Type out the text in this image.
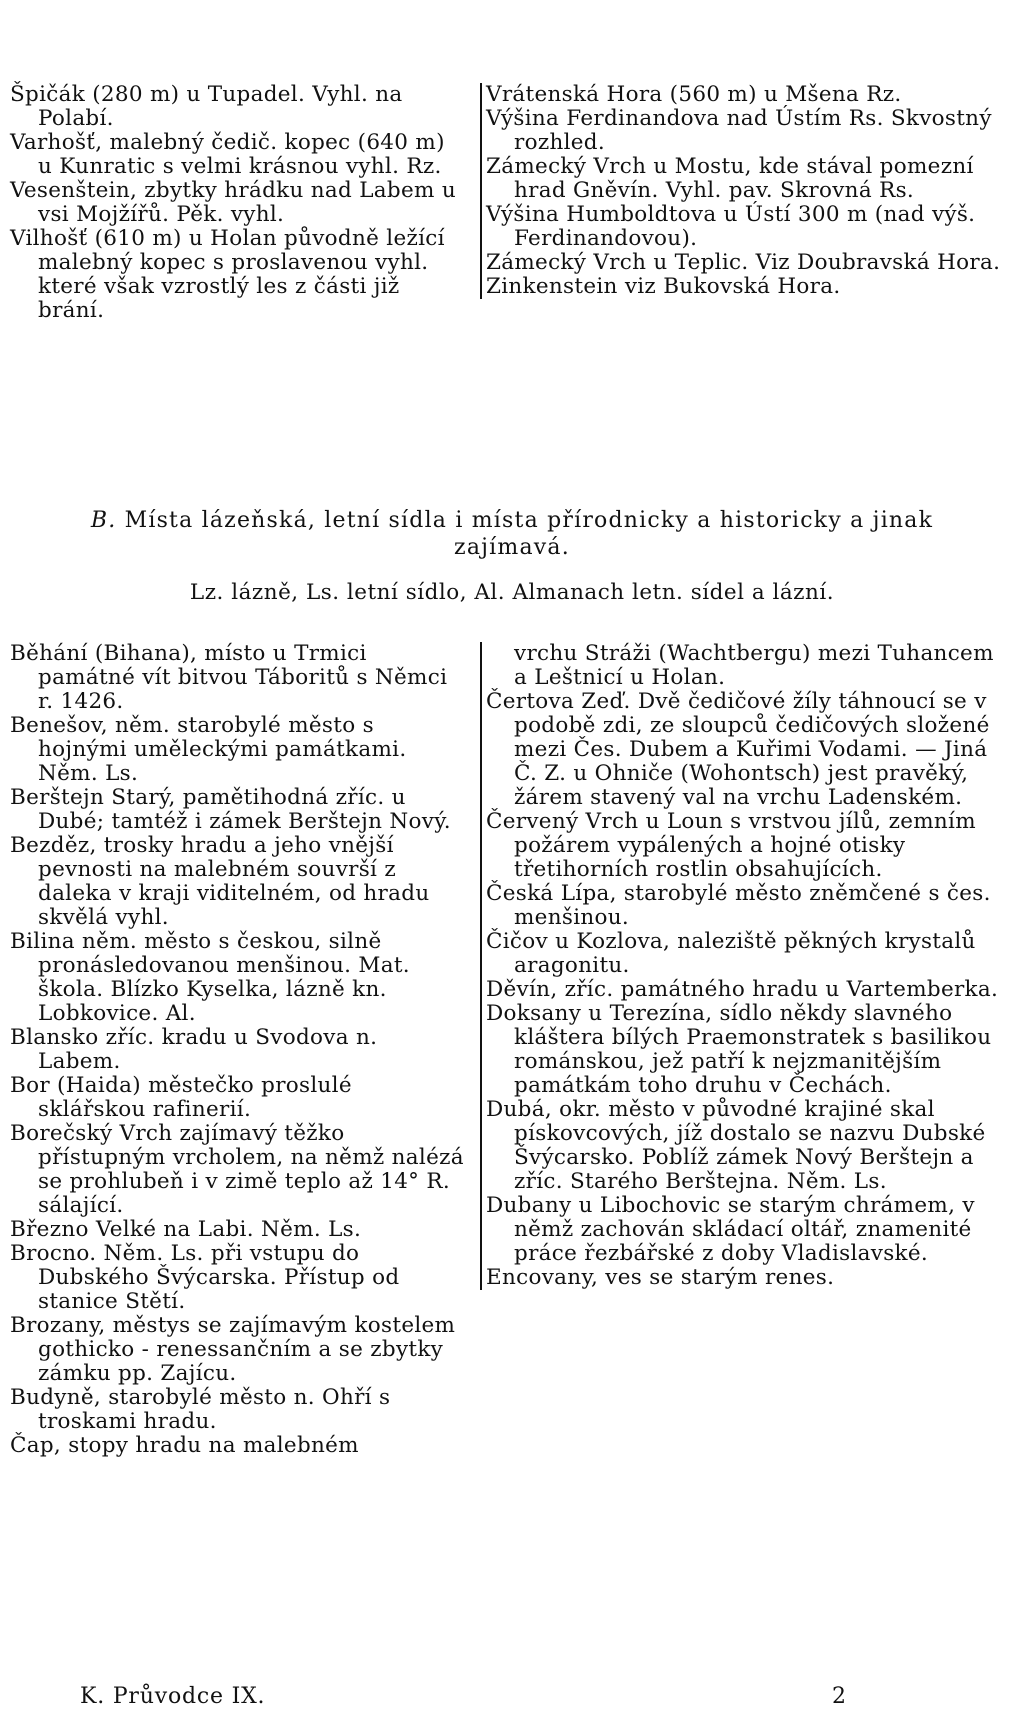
Špičák (280 m) u Tupadel. Vyhl. na Polabí.

Varhošť, malebný čedič. kopec (640 m) u Kunratic s velmi krásnou vyhl. Rz.

Vesenštein, zbytky hrádku nad Labem u vsi Mojžířů. Pěk. vyhl.

Vilhošť (610 m) u Holan původně ležící malebný kopec s proslavenou vyhl. které však vzrostlý les z části již brání.

Vrátenská Hora (560 m) u Mšena Rz.

Výšina Ferdinandova nad Ústím Rs. Skvostný rozhled.

Zámecký Vrch u Mostu, kde stával pomezní hrad Gněvín. Vyhl. pav. Skrovná Rs.

Výšina Humboldtova u Ústí 300 m (nad výš. Ferdinandovou).

Zámecký Vrch u Teplic. Viz Doubravská Hora.

Zinkenstein viz Bukovská Hora.

B. Místa lázeňská, letní sídla i místa přírodnicky a historicky a jinak zajímavá.
Lz. lázně, Ls. letní sídlo, Al. Almanach letn. sídel a lázní.

Běhání (Bihana), místo u Trmici památné vít bitvou Táboritů s Němci r. 1426.

Benešov, něm. starobylé město s hojnými uměleckými památkami. Něm. Ls.

Berštejn Starý, pamětihodná zříc. u Dubé; tamtéž i zámek Berštejn Nový.

Bezděz, trosky hradu a jeho vnější pevnosti na malebném souvrší z daleka v kraji viditelném, od hradu skvělá vyhl.

Bilina něm. město s českou, silně pronásledovanou menšinou. Mat. škola. Blízko Kyselka, lázně kn. Lobkovice. Al.

Blansko zříc. kradu u Svodova n. Labem.

Bor (Haida) městečko proslulé sklářskou rafinerií.

Borečský Vrch zajímavý těžko přístupným vrcholem, na němž nalézá se prohlubeň i v zimě teplo až 14° R. sálající.

Březno Velké na Labi. Něm. Ls.

Brocno. Něm. Ls. při vstupu do Dubského Švýcarska. Přístup od stanice Stětí.

Brozany, městys se zajímavým kostelem gothicko - renessančním a se zbytky zámku pp. Zajícu.

Budyně, starobylé město n. Ohří s troskami hradu.

Čap, stopy hradu na malebném

vrchu Stráži (Wachtbergu) mezi Tuhancem a Leštnicí u Holan.

Čertova Zeď. Dvě čedičové žíly táhnoucí se v podobě zdi, ze sloupců čedičových složené mezi Čes. Dubem a Kuřimi Vodami. — Jiná Č. Z. u Ohniče (Wohontsch) jest pravěký, žárem stavený val na vrchu Ladenském.

Červený Vrch u Loun s vrstvou jílů, zemním požárem vypálených a hojné otisky třetihorních rostlin obsahujících.

Česká Lípa, starobylé město zněmčené s čes. menšinou.

Čičov u Kozlova, naleziště pěkných krystalů aragonitu.

Děvín, zříc. památného hradu u Vartemberka.

Doksany u Terezína, sídlo někdy slavného kláštera bílých Praemonstratek s basilikou románskou, jež patří k nejzmanitějším památkám toho druhu v Čechách.

Dubá, okr. město v původné krajiné skal pískovcových, jíž dostalo se nazvu Dubské Švýcarsko. Poblíž zámek Nový Berštejn a zříc. Starého Berštejna. Něm. Ls.

Dubany u Libochovic se starým chrámem, v němž zachován skládací oltář, znamenité práce řezbářské z doby Vladislavské.

Encovany, ves se starým renes.

K. Průvodce IX.	2
